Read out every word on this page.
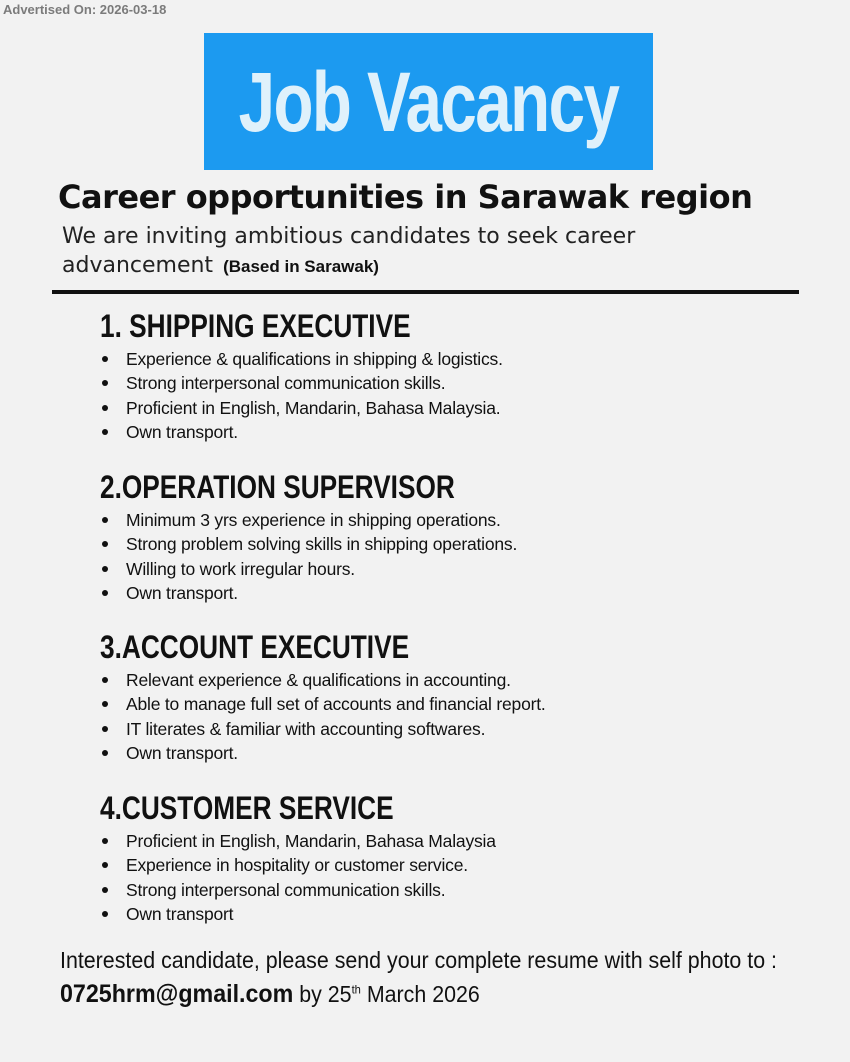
Advertised On: 2026-03-18
Job Vacancy
Career opportunities in Sarawak region
We are inviting ambitious candidates to seek career
advancement (Based in Sarawak)
1. SHIPPING EXECUTIVE
Experience & qualifications in shipping & logistics.
Strong interpersonal communication skills.
Proficient in English, Mandarin, Bahasa Malaysia.
Own transport.
2.OPERATION SUPERVISOR
Minimum 3 yrs experience in shipping operations.
Strong problem solving skills in shipping operations.
Willing to work irregular hours.
Own transport.
3.ACCOUNT EXECUTIVE
Relevant experience & qualifications in accounting.
Able to manage full set of accounts and financial report.
IT literates & familiar with accounting softwares.
Own transport.
4.CUSTOMER SERVICE
Proficient in English, Mandarin, Bahasa Malaysia
Experience in hospitality or customer service.
Strong interpersonal communication skills.
Own transport
Interested candidate, please send your complete resume with self photo to :
0725hrm@gmail.com by 25th March 2026
